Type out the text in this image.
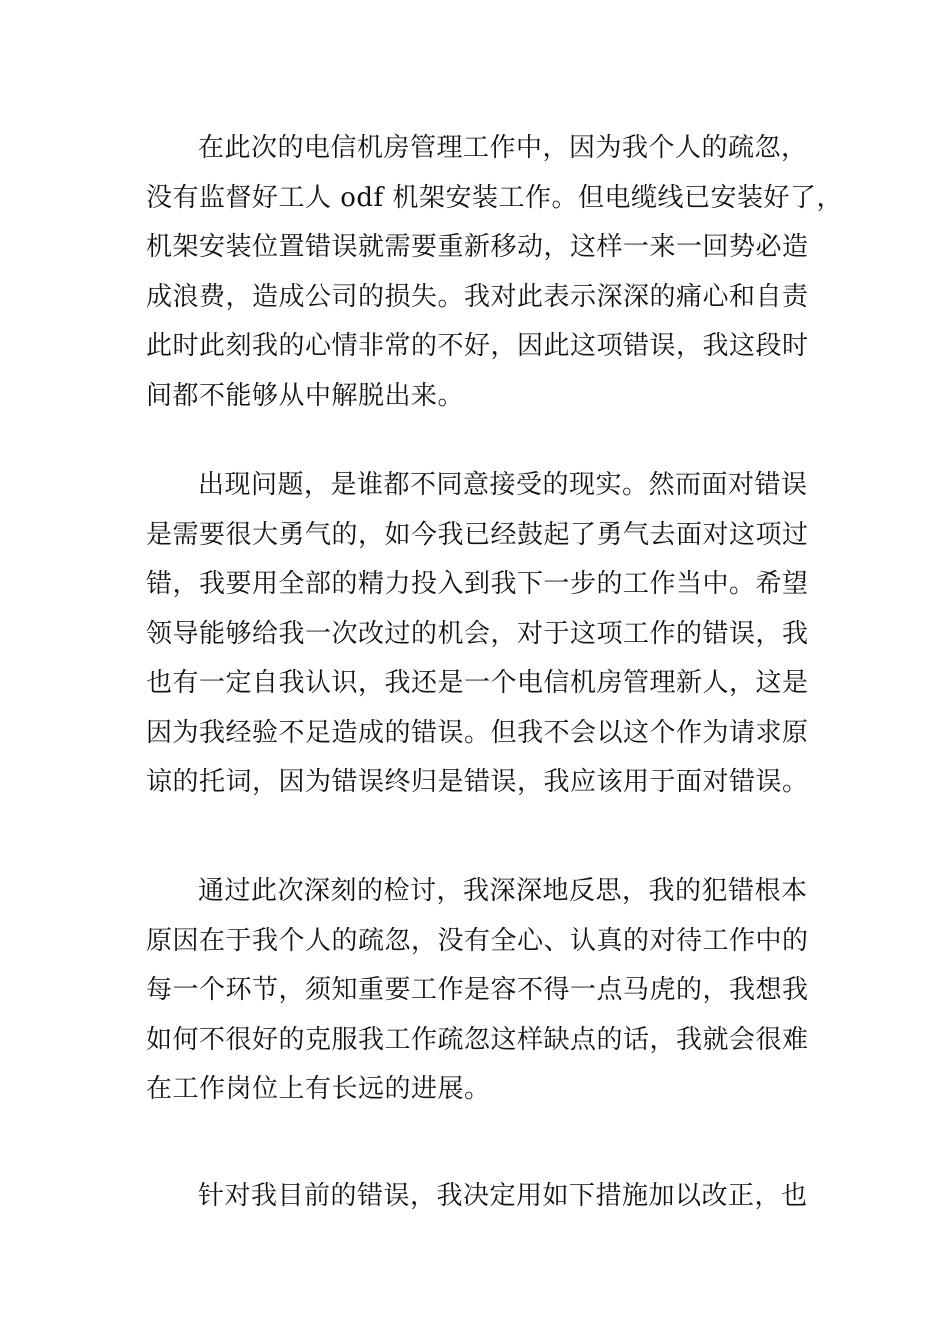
在此次的电信机房管理工作中，因为我个人的疏忽，
没有监督好工人 odf 机架安装工作。但电缆线已安装好了，
机架安装位置错误就需要重新移动，这样一来一回势必造
成浪费，造成公司的损失。我对此表示深深的痛心和自责
此时此刻我的心情非常的不好，因此这项错误，我这段时
间都不能够从中解脱出来。
出现问题，是谁都不同意接受的现实。然而面对错误
是需要很大勇气的，如今我已经鼓起了勇气去面对这项过
错，我要用全部的精力投入到我下一步的工作当中。希望
领导能够给我一次改过的机会，对于这项工作的错误，我
也有一定自我认识，我还是一个电信机房管理新人，这是
因为我经验不足造成的错误。但我不会以这个作为请求原
谅的托词，因为错误终归是错误，我应该用于面对错误。
通过此次深刻的检讨，我深深地反思，我的犯错根本
原因在于我个人的疏忽，没有全心、认真的对待工作中的
每一个环节，须知重要工作是容不得一点马虎的，我想我
如何不很好的克服我工作疏忽这样缺点的话，我就会很难
在工作岗位上有长远的进展。
针对我目前的错误，我决定用如下措施加以改正，也
